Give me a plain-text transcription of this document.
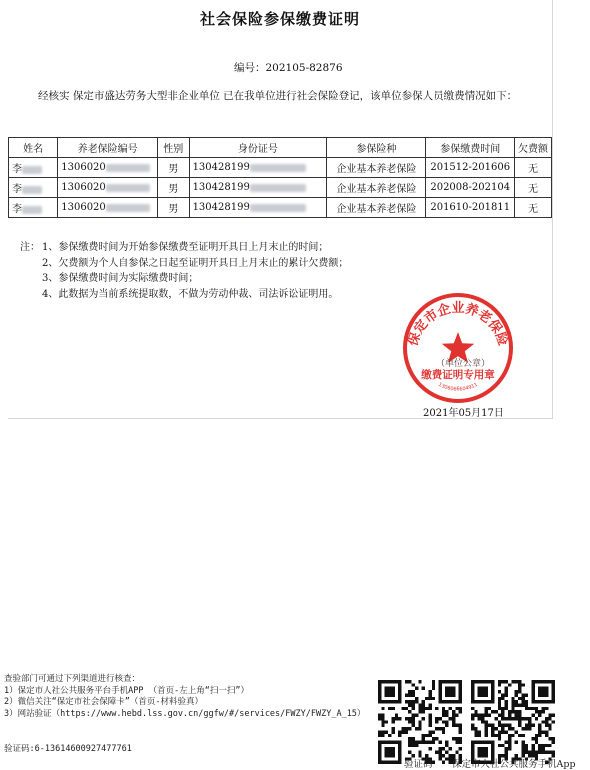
社会保险参保缴费证明
编号：202105-82876
经核实 保定市盛达劳务大型非企业单位 已在我单位进行社会保险登记，该单位参保人员缴费情况如下：
姓名	养老保险编号	性别	身份证号	参保险种	参保缴费时间	欠费额
李	1306020	男	130428199	企业基本养老保险	201512-201606	无
李	1306020	男	130428199	企业基本养老保险	202008-202104	无
李	1306020	男	130428199	企业基本养老保险	201610-201811	无
注： 1、参保缴费时间为开始参保缴费至证明开具日上月末止的时间；
2、欠费额为个人自参保之日起至证明开具日上月末止的累计欠费额；
3、参保缴费时间为实际缴费时间；
4、此数据为当前系统提取数，不做为劳动仲裁、司法诉讼证明用。
保定市企业养老保险
缴费证明专用章
1306066604911
（单位公章）
2021年05月17日
查验部门可通过下列渠道进行核查：
1）保定市人社公共服务平台手机APP （首页-左上角“扫一扫”）
2）微信关注“保定市社会保障卡”（首页-材料验真）
3）网站验证（https://www.hebd.lss.gov.cn/ggfw/#/services/FWZY/FWZY_A_15）
验证码:6-13614600927477761
验证码 保定市人社公共服务手机App
